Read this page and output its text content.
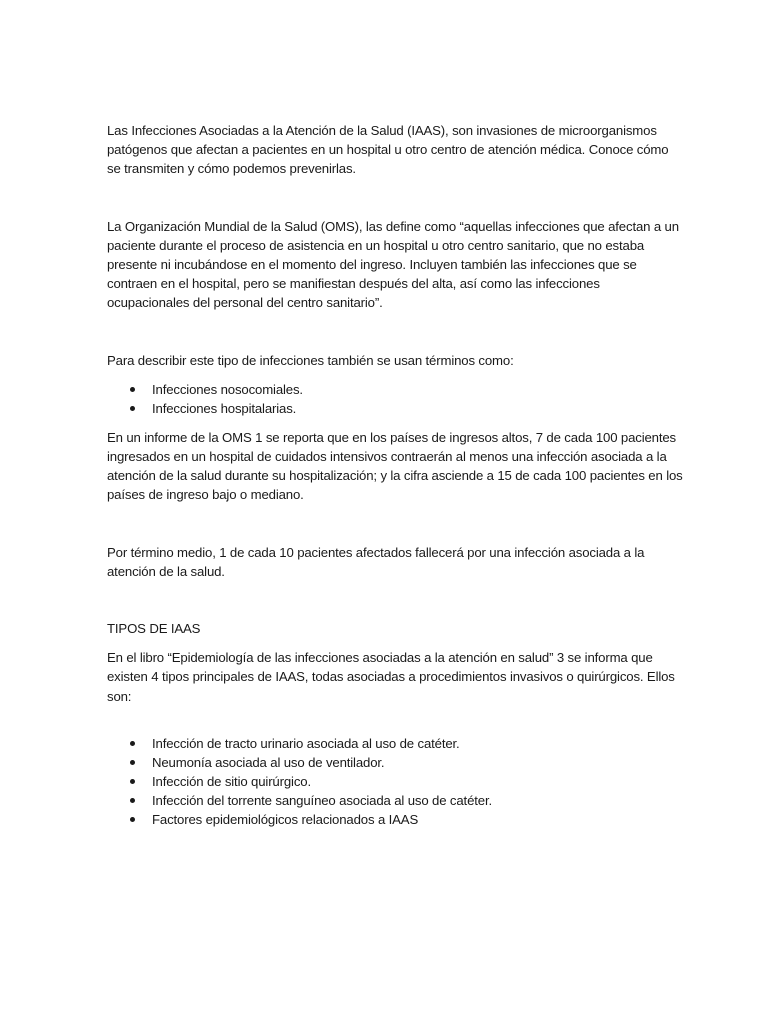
Las Infecciones Asociadas a la Atención de la Salud (IAAS), son invasiones de microorganismos patógenos que afectan a pacientes en un hospital u otro centro de atención médica. Conoce cómo se transmiten y cómo podemos prevenirlas.

La Organización Mundial de la Salud (OMS), las define como “aquellas infecciones que afectan a un paciente durante el proceso de asistencia en un hospital u otro centro sanitario, que no estaba presente ni incubándose en el momento del ingreso. Incluyen también las infecciones que se contraen en el hospital, pero se manifiestan después del alta, así como las infecciones ocupacionales del personal del centro sanitario”.

Para describir este tipo de infecciones también se usan términos como:

Infecciones nosocomiales.
Infecciones hospitalarias.

En un informe de la OMS 1 se reporta que en los países de ingresos altos, 7 de cada 100 pacientes ingresados en un hospital de cuidados intensivos contraerán al menos una infección asociada a la atención de la salud durante su hospitalización; y la cifra asciende a 15 de cada 100 pacientes en los países de ingreso bajo o mediano.

Por término medio, 1 de cada 10 pacientes afectados fallecerá por una infección asociada a la atención de la salud.

TIPOS DE IAAS

En el libro “Epidemiología de las infecciones asociadas a la atención en salud” 3 se informa que existen 4 tipos principales de IAAS, todas asociadas a procedimientos invasivos o quirúrgicos. Ellos son:

Infección de tracto urinario asociada al uso de catéter.
Neumonía asociada al uso de ventilador.
Infección de sitio quirúrgico.
Infección del torrente sanguíneo asociada al uso de catéter.
Factores epidemiológicos relacionados a IAAS
